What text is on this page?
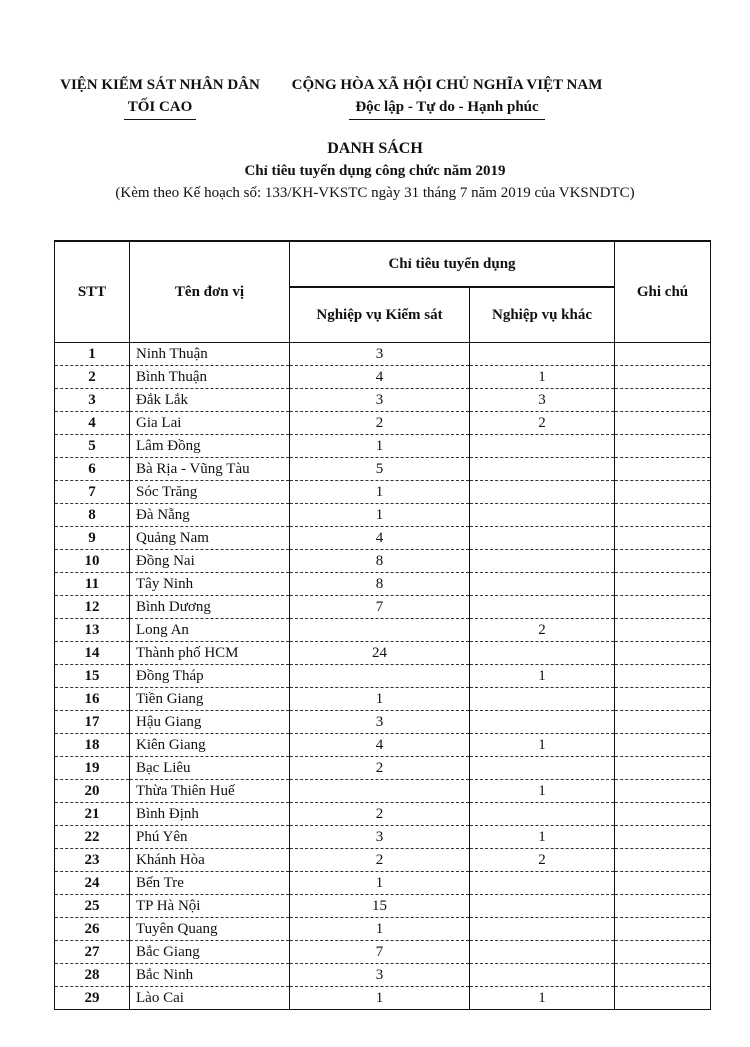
VIỆN KIỂM SÁT NHÂN DÂN
TỐI CAO
CỘNG HÒA XÃ HỘI CHỦ NGHĨA VIỆT NAM
Độc lập - Tự do - Hạnh phúc
DANH SÁCH
Chỉ tiêu tuyển dụng công chức năm 2019
(Kèm theo Kế hoạch số: 133/KH-VKSTC ngày 31 tháng 7 năm 2019 của VKSNDTC)
STT	Tên đơn vị	Chỉ tiêu tuyển dụng		Ghi chú
		Nghiệp vụ Kiểm sát	Nghiệp vụ khác	
1	Ninh Thuận	3		
2	Bình Thuận	4	1	
3	Đắk Lắk	3	3	
4	Gia Lai	2	2	
5	Lâm Đồng	1		
6	Bà Rịa - Vũng Tàu	5		
7	Sóc Trăng	1		
8	Đà Nẵng	1		
9	Quảng Nam	4		
10	Đồng Nai	8		
11	Tây Ninh	8		
12	Bình Dương	7		
13	Long An		2	
14	Thành phố HCM	24		
15	Đồng Tháp		1	
16	Tiền Giang	1		
17	Hậu Giang	3		
18	Kiên Giang	4	1	
19	Bạc Liêu	2		
20	Thừa Thiên Huế		1	
21	Bình Định	2		
22	Phú Yên	3	1	
23	Khánh Hòa	2	2	
24	Bến Tre	1		
25	TP Hà Nội	15		
26	Tuyên Quang	1		
27	Bắc Giang	7		
28	Bắc Ninh	3		
29	Lào Cai	1	1	
